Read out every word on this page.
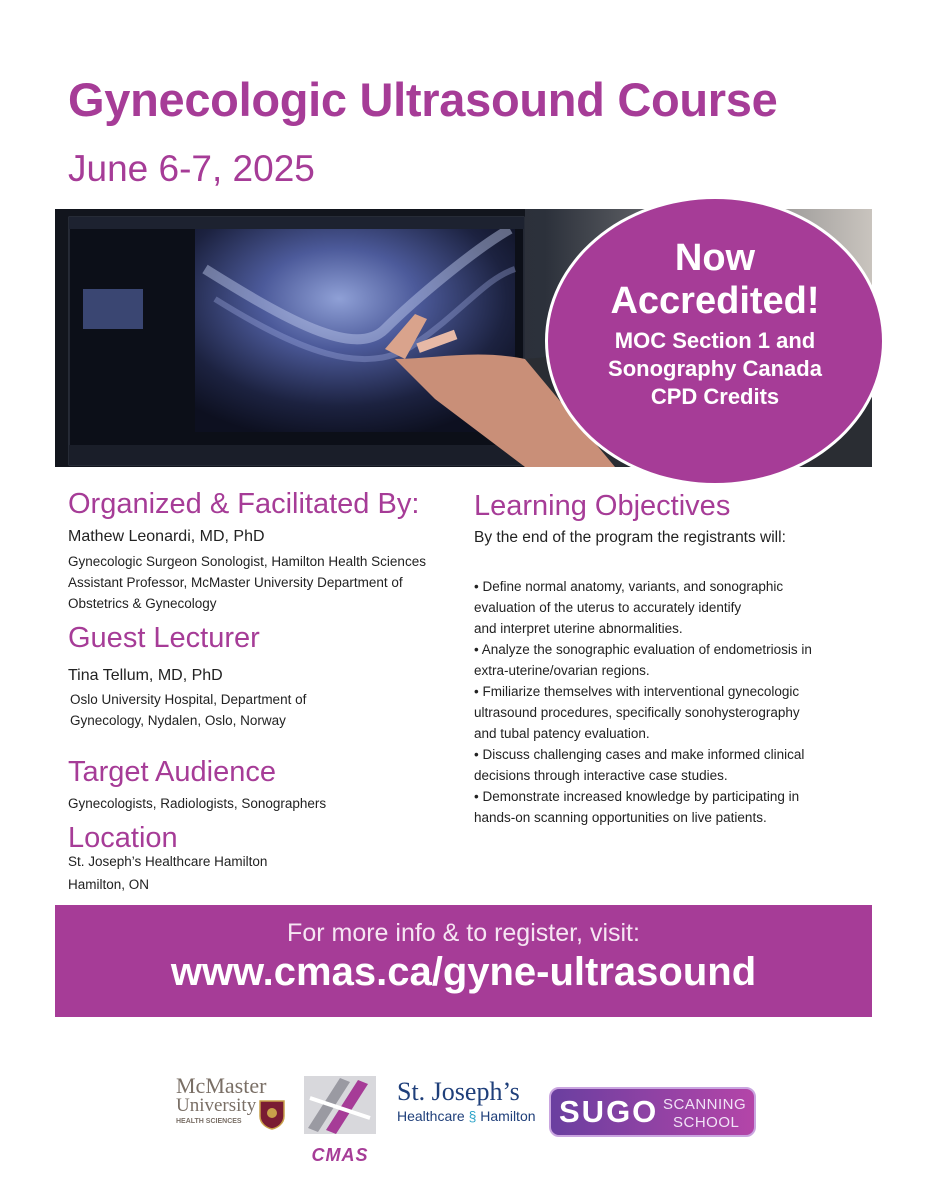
Gynecologic Ultrasound Course
June 6-7, 2025
Now
Accredited!
MOC Section 1 and
Sonography Canada
CPD Credits
Organized & Facilitated By:
Mathew Leonardi, MD, PhD
Gynecologic Surgeon Sonologist, Hamilton Health Sciences
Assistant Professor, McMaster University Department of
Obstetrics & Gynecology
Guest Lecturer
Tina Tellum, MD, PhD
Oslo University Hospital, Department of
Gynecology, Nydalen, Oslo, Norway
Target Audience
Gynecologists, Radiologists, Sonographers
Location
St. Joseph’s Healthcare Hamilton
Hamilton, ON
Learning Objectives
By the end of the program the registrants will:

• Define normal anatomy, variants, and sonographic

evaluation of the uterus to accurately identify

and interpret uterine abnormalities.

• Analyze the sonographic evaluation of endometriosis in

extra-uterine/ovarian regions.

• Fmiliarize themselves with interventional gynecologic

ultrasound procedures, specifically sonohysterography

and tubal patency evaluation.

• Discuss challenging cases and make informed clinical

decisions through interactive case studies.

• Demonstrate increased knowledge by participating in

hands-on scanning opportunities on live patients.

For more info & to register, visit:
www.cmas.ca/gyne-ultrasound
McMaster
University
HEALTH SCIENCES
CMAS
St. Joseph’s
Healthcare § Hamilton SUGO SCANNING
SCHOOL
